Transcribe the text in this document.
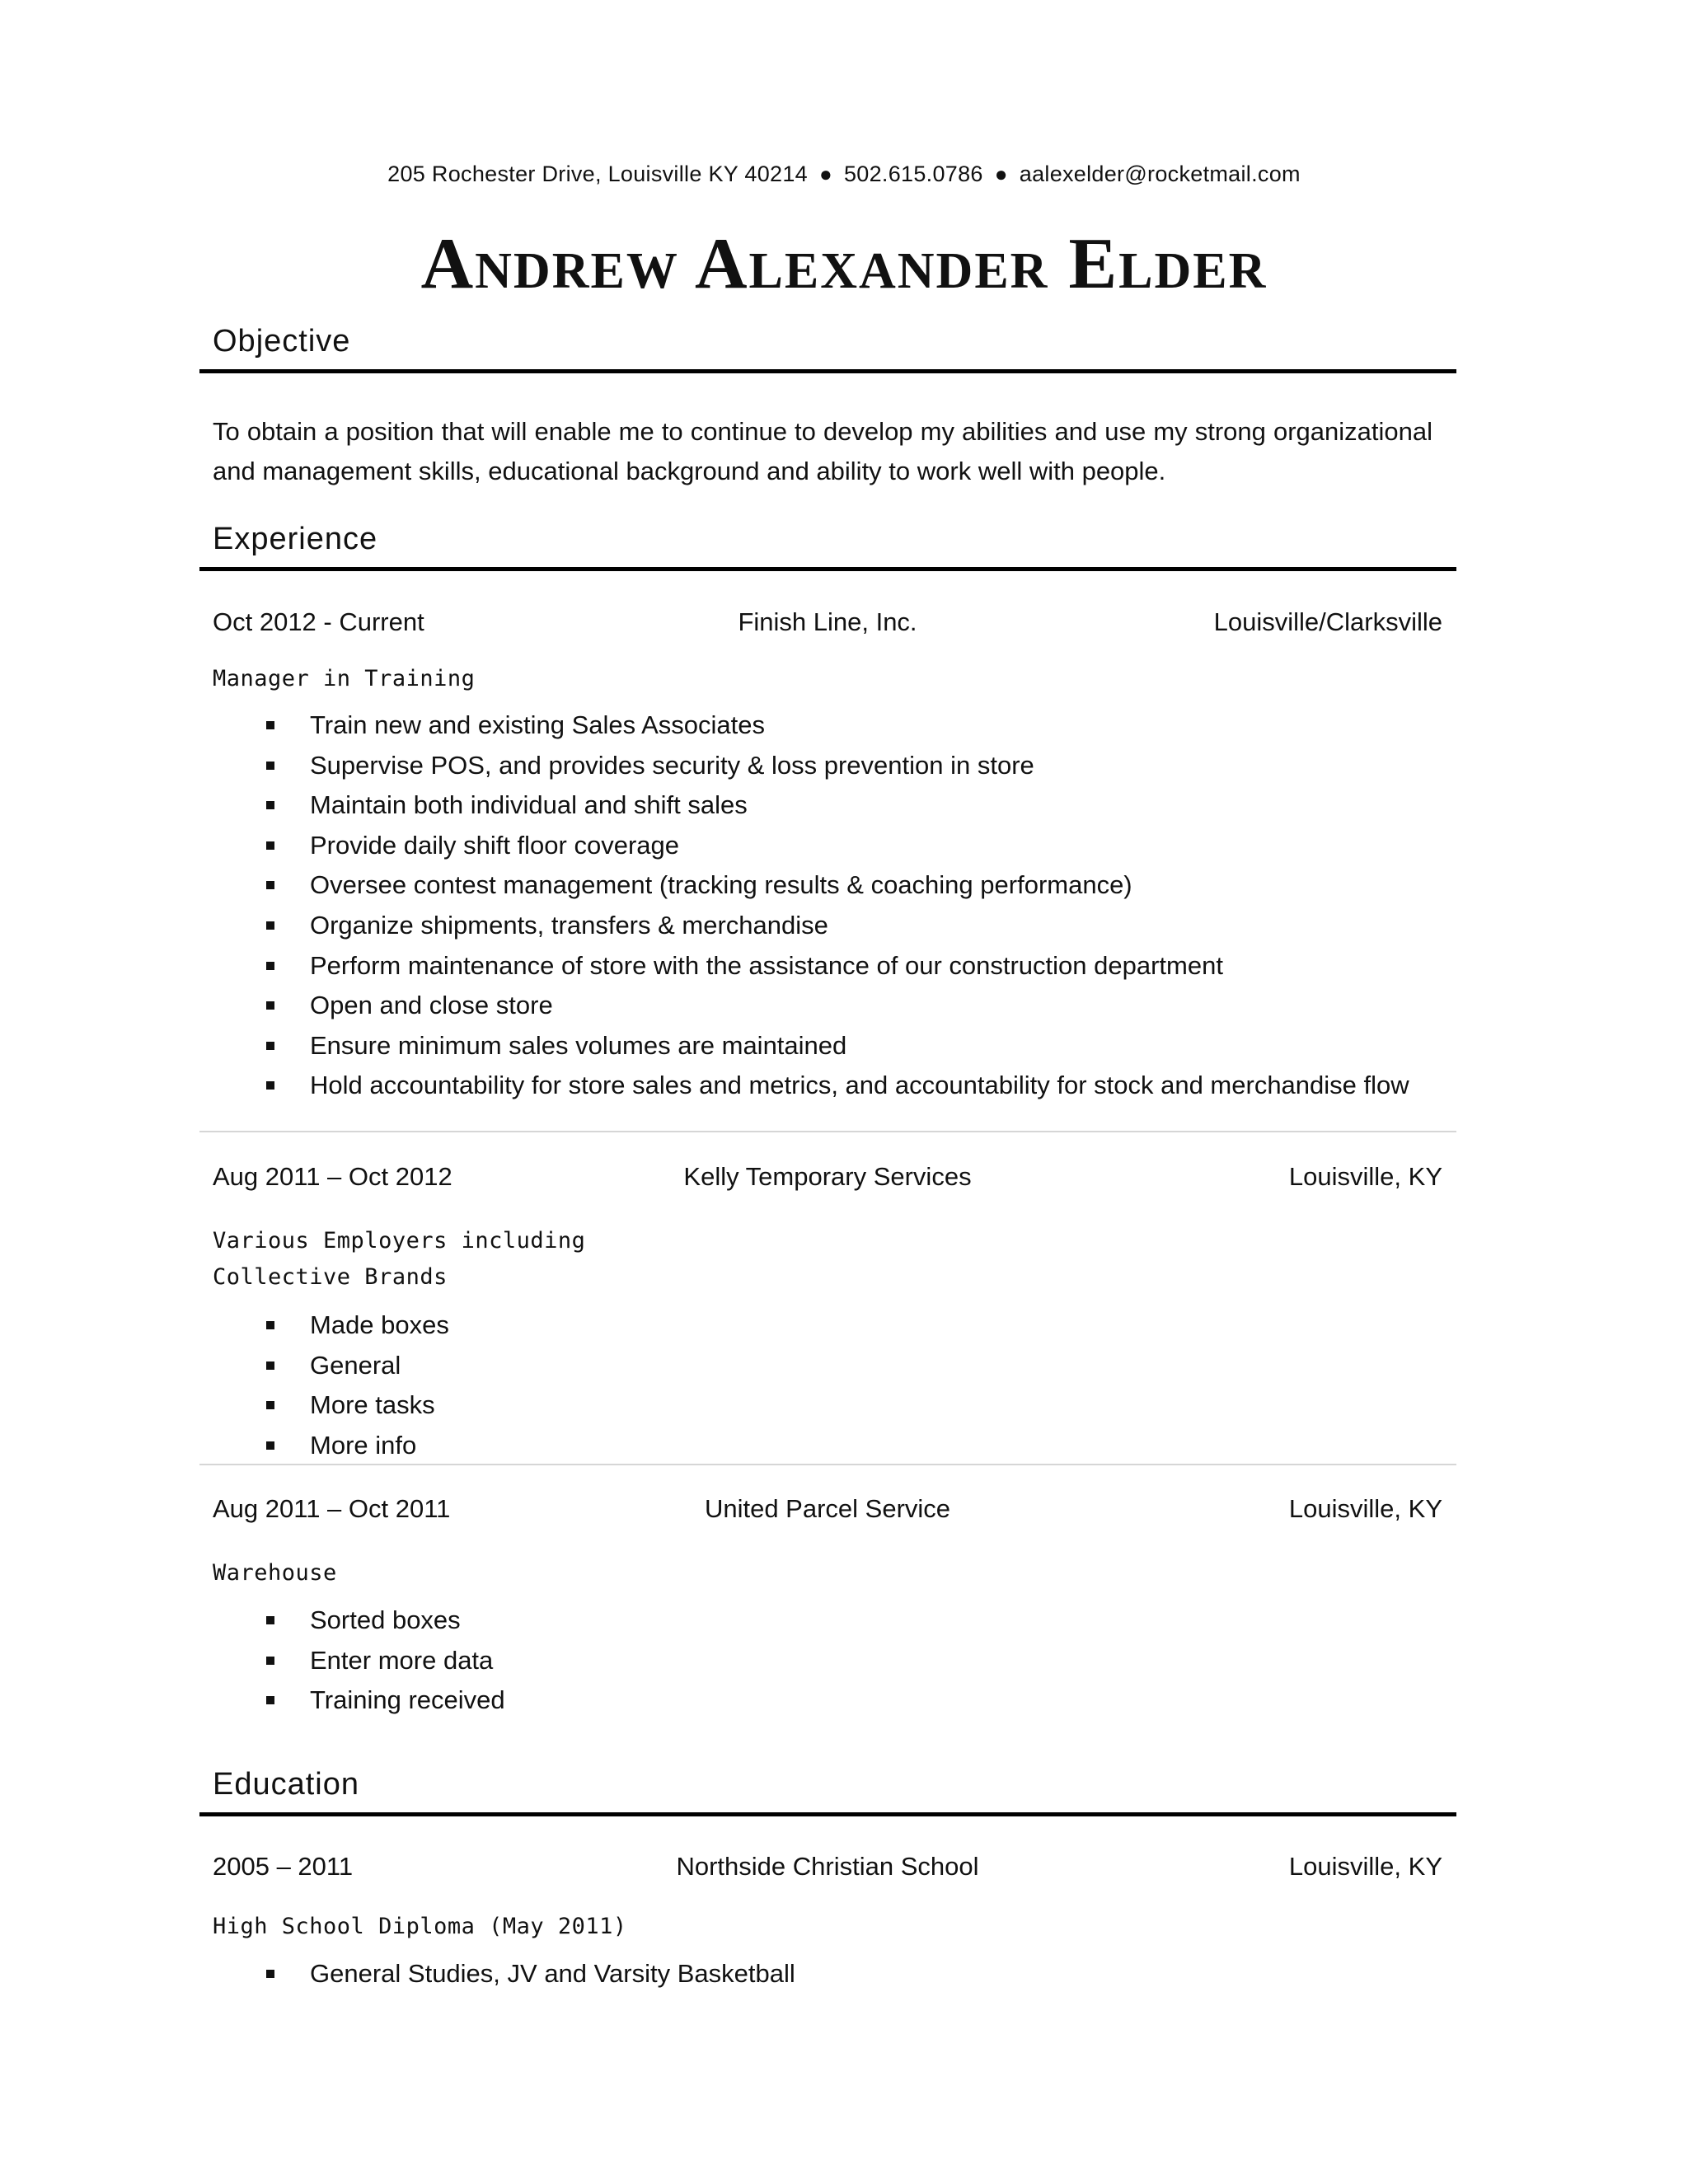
205 Rochester Drive, Louisville KY 40214 ● 502.615.0786 ● aalexelder@rocketmail.com
Andrew Alexander Elder
Objective
To obtain a position that will enable me to continue to develop my abilities and use my strong organizational and management skills, educational background and ability to work well with people.
Experience
Oct 2012 - Current	Finish Line, Inc.	Louisville/Clarksville
Manager in Training
Train new and existing Sales Associates
Supervise POS, and provides security & loss prevention in store
Maintain both individual and shift sales
Provide daily shift floor coverage
Oversee contest management (tracking results & coaching performance)
Organize shipments, transfers & merchandise
Perform maintenance of store with the assistance of our construction department
Open and close store
Ensure minimum sales volumes are maintained
Hold accountability for store sales and metrics, and accountability for stock and merchandise flow
Aug 2011 – Oct 2012	Kelly Temporary Services	Louisville, KY
Various Employers including
Collective Brands
Made boxes
General
More tasks
More info
Aug 2011 – Oct 2011	United Parcel Service	Louisville, KY
Warehouse
Sorted boxes
Enter more data
Training received
Education
2005 – 2011	Northside Christian School	Louisville, KY
High School Diploma (May 2011)
General Studies, JV and Varsity Basketball
